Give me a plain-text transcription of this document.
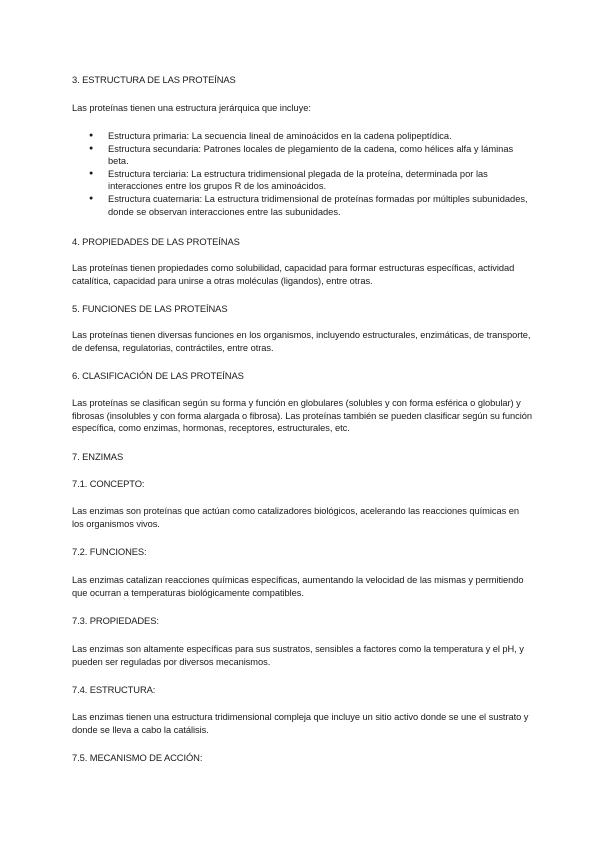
3. ESTRUCTURA DE LAS PROTEÍNAS

Las proteínas tienen una estructura jerárquica que incluye:

● Estructura primaria: La secuencia lineal de aminoácidos en la cadena polipeptídica.
● Estructura secundaria: Patrones locales de plegamiento de la cadena, como hélices alfa y láminas beta.
● Estructura terciaria: La estructura tridimensional plegada de la proteína, determinada por las interacciones entre los grupos R de los aminoácidos.
● Estructura cuaternaria: La estructura tridimensional de proteínas formadas por múltiples subunidades, donde se observan interacciones entre las subunidades.
4. PROPIEDADES DE LAS PROTEÍNAS

Las proteínas tienen propiedades como solubilidad, capacidad para formar estructuras específicas, actividad catalítica, capacidad para unirse a otras moléculas (ligandos), entre otras.

5. FUNCIONES DE LAS PROTEÍNAS

Las proteínas tienen diversas funciones en los organismos, incluyendo estructurales, enzimáticas, de transporte, de defensa, regulatorias, contráctiles, entre otras.

6. CLASIFICACIÓN DE LAS PROTEÍNAS

Las proteínas se clasifican según su forma y función en globulares (solubles y con forma esférica o globular) y fibrosas (insolubles y con forma alargada o fibrosa). Las proteínas también se pueden clasificar según su función específica, como enzimas, hormonas, receptores, estructurales, etc.

7. ENZIMAS
7.1. CONCEPTO:

Las enzimas son proteínas que actúan como catalizadores biológicos, acelerando las reacciones químicas en los organismos vivos.

7.2. FUNCIONES:

Las enzimas catalizan reacciones químicas específicas, aumentando la velocidad de las mismas y permitiendo que ocurran a temperaturas biológicamente compatibles.

7.3. PROPIEDADES:

Las enzimas son altamente específicas para sus sustratos, sensibles a factores como la temperatura y el pH, y pueden ser reguladas por diversos mecanismos.

7.4. ESTRUCTURA:

Las enzimas tienen una estructura tridimensional compleja que incluye un sitio activo donde se une el sustrato y donde se lleva a cabo la catálisis.

7.5. MECANISMO DE ACCIÓN:
